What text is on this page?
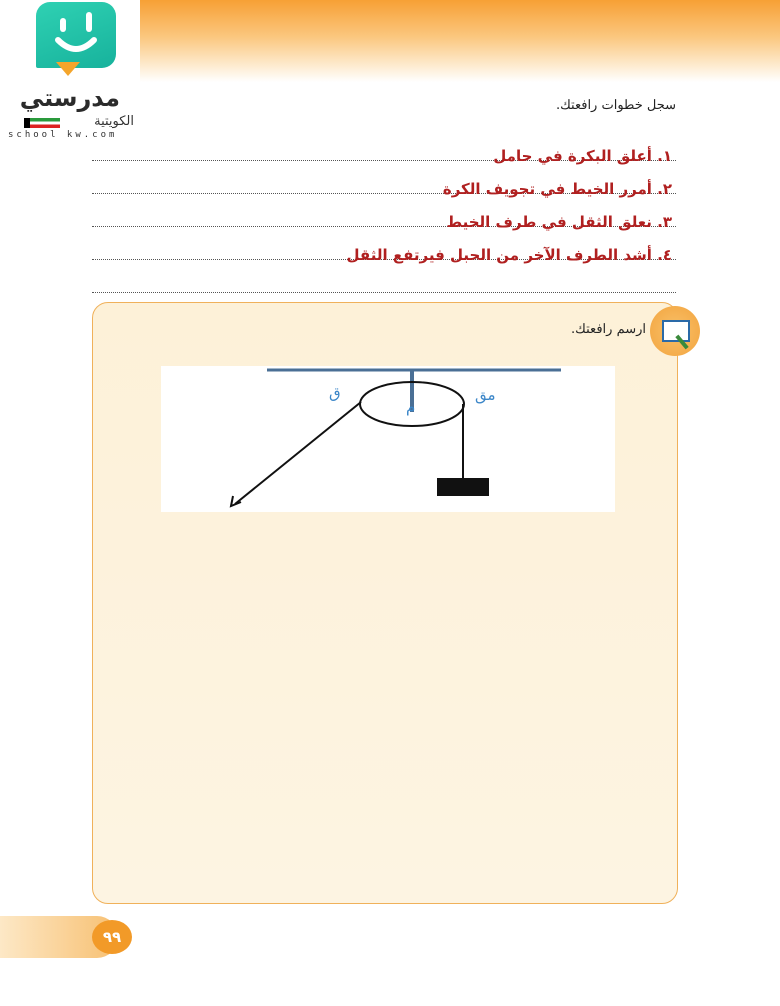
مدرستي
الكويتية
school kw.com
سجل خطوات رافعتك.
١. أعلق البكرة في حامل
٢. أمرر الخيط في تجويف الكرة
٣. نعلق الثقل في طرف الخيط
٤. أشد الطرف الآخر من الحبل فيرتفع الثقل
ارسم رافعتك.
ق
م
مق
٩٩
